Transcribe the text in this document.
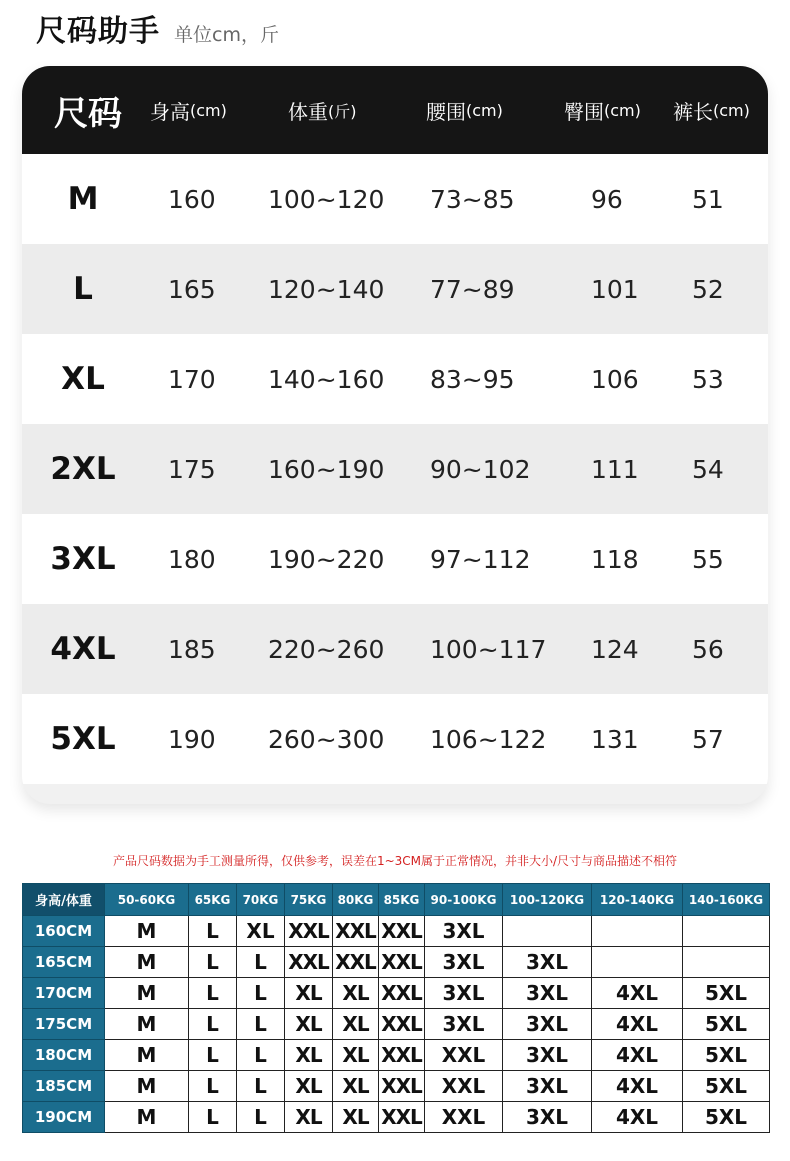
尺码助手 单位cm，斤
尺码 身高 (cm)	体重 (斤)	腰围 (cm)	臀围 (cm) 裤长 (cm)
M	160 100~120 73~85	96	51
L	165 120~140 77~89	101 52
XL	170 140~160 83~95	106 53
2XL	175 160~190 90~102 111 54
3XL	180 190~220 97~112 118 55
4XL	185 220~260 100~117 124 56
5XL	190 260~300 106~122 131 57
产品尺码数据为手工测量所得，仅供参考，误差在1~3CM属于正常情况，并非大小/尺寸与商品描述不相符
身高/体重	50-60KG	65KG	70KG	75KG	80KG	85KG	90-100KG	100-120KG	120-140KG	140-160KG
160CM	M	L	XL	XXL	XXL	XXL	3XL			
165CM	M	L	L	XXL	XXL	XXL	3XL	3XL		
170CM	M	L	L	XL	XL	XXL	3XL	3XL	4XL	5XL
175CM	M	L	L	XL	XL	XXL	3XL	3XL	4XL	5XL
180CM	M	L	L	XL	XL	XXL	XXL	3XL	4XL	5XL
185CM	M	L	L	XL	XL	XXL	XXL	3XL	4XL	5XL
190CM	M	L	L	XL	XL	XXL	XXL	3XL	4XL	5XL
